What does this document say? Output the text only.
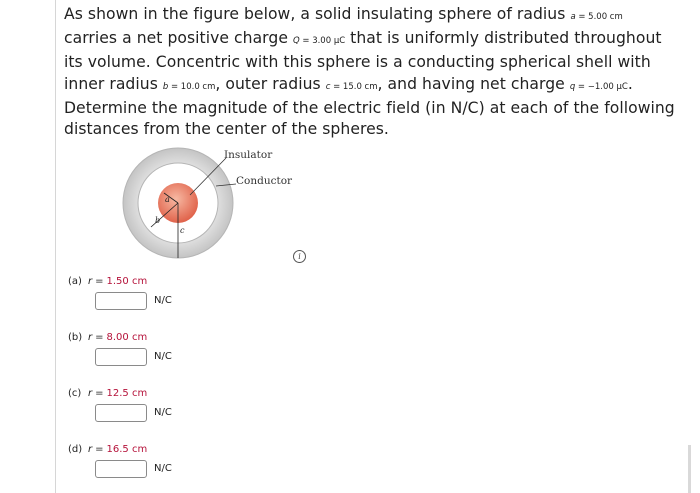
As shown in the figure below, a solid insulating sphere of radius a = 5.00 cm carries a net positive charge Q = 3.00 μC that is uniformly distributed throughout its volume. Concentric with this sphere is a conducting spherical shell with inner radius b = 10.0 cm, outer radius c = 15.0 cm, and having net charge q = −1.00 μC. Determine the magnitude of the electric field (in N/C) at each of the following distances from the center of the spheres.
a
b
c
Insulator
Conductor
i
(a) r = 1.50 cm
N/C
(b) r = 8.00 cm
N/C
(c) r = 12.5 cm
N/C
(d) r = 16.5 cm
N/C
